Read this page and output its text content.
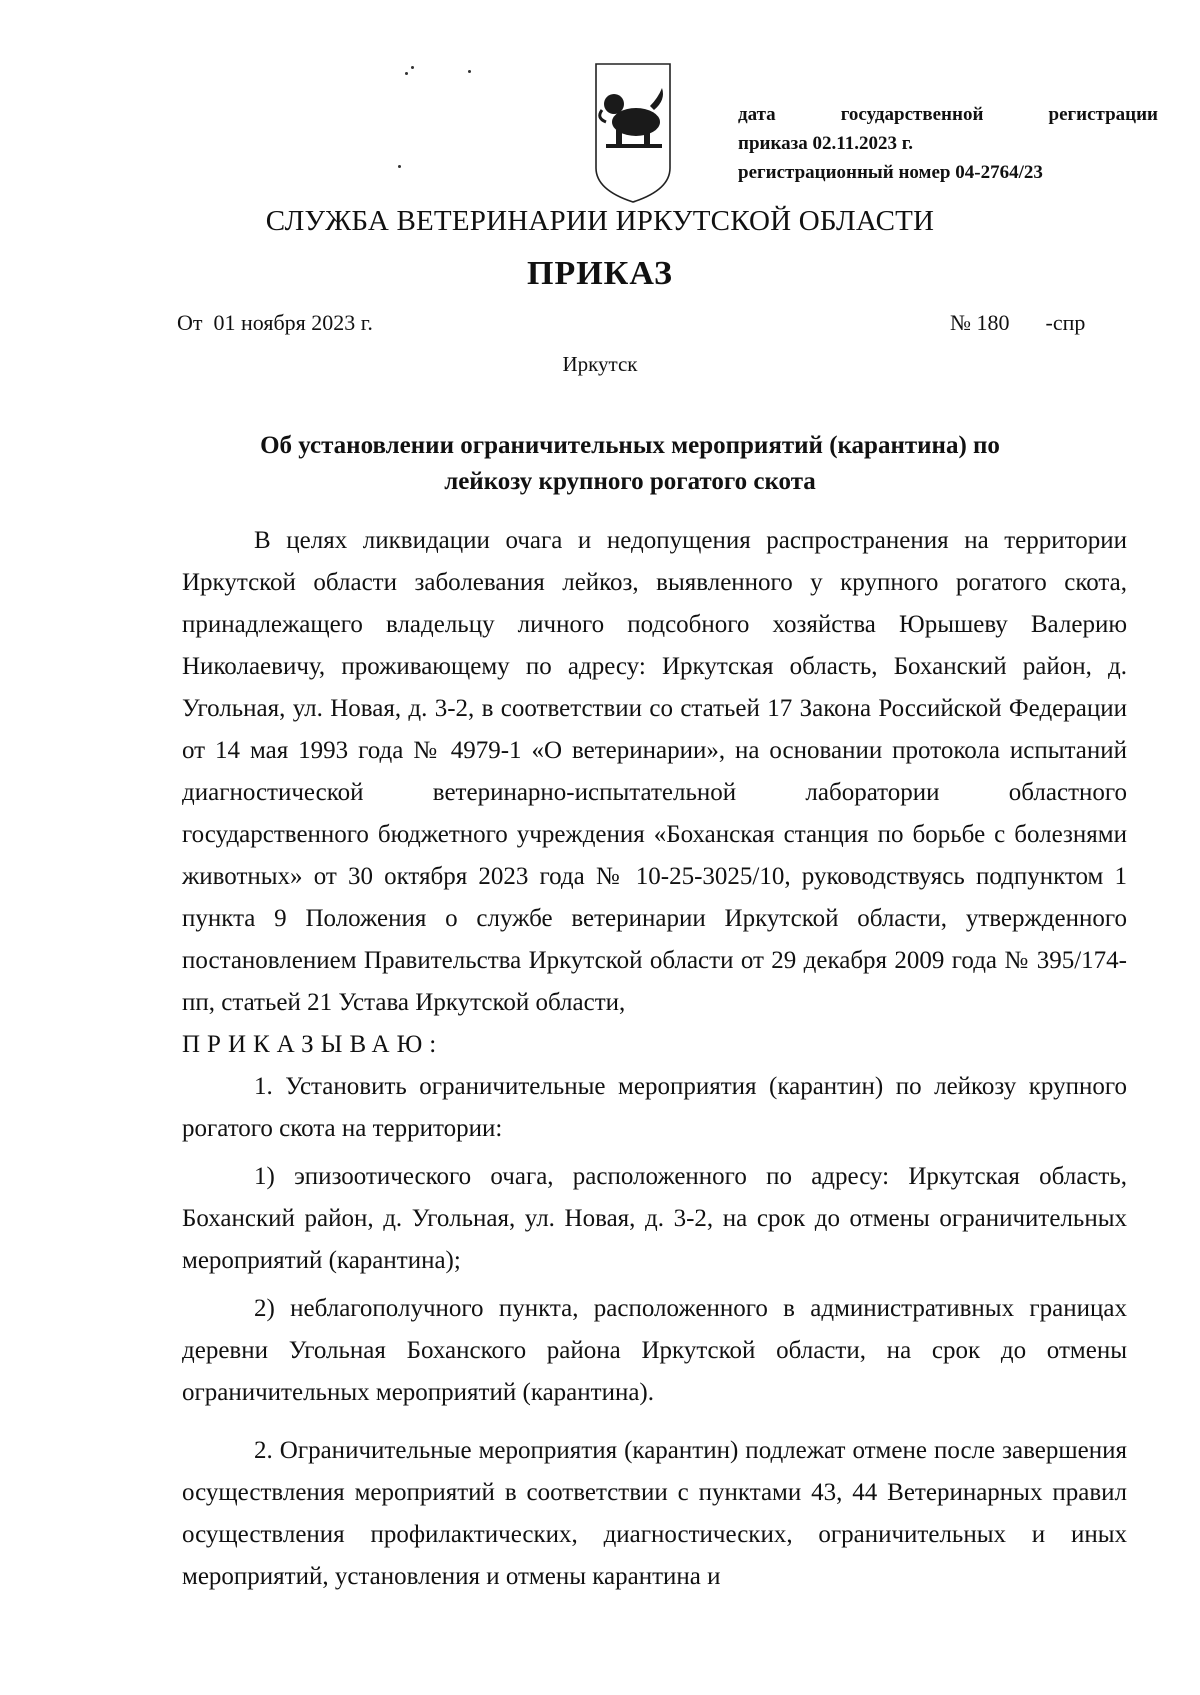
дата	государственной	регистрации
приказа 02.11.2023 г.
регистрационный номер 04-2764/23
СЛУЖБА ВЕТЕРИНАРИИ ИРКУТСКОЙ ОБЛАСТИ
ПРИКАЗ
От  01 ноября 2023 г.	№ 180 -спр
Иркутск
Об установлении ограничительных мероприятий (карантина) по
лейкозу крупного рогатого скота

В целях ликвидации очага и недопущения распространения на территории Иркутской области заболевания лейкоз, выявленного у крупного рогатого скота, принадлежащего владельцу личного подсобного хозяйства Юрышеву Валерию Николаевичу, проживающему по адресу: Иркутская область, Боханский район, д. Угольная, ул. Новая, д. 3-2, в соответствии со статьей 17 Закона Российской Федерации от 14 мая 1993 года № 4979-1 «О ветеринарии», на основании протокола испытаний диагностической ветеринарно-испытательной лаборатории областного государственного бюджетного учреждения «Боханская станция по борьбе с болезнями животных» от 30 октября 2023 года № 10-25-3025/10, руководствуясь подпунктом 1 пункта 9 Положения о службе ветеринарии Иркутской области, утвержденного постановлением Правительства Иркутской области от 29 декабря 2009 года № 395/174-пп, статьей 21 Устава Иркутской области,

ПРИКАЗЫВАЮ:

1. Установить ограничительные мероприятия (карантин) по лейкозу крупного рогатого скота на территории:

1) эпизоотического очага, расположенного по адресу: Иркутская область, Боханский район, д. Угольная, ул. Новая, д. 3-2, на срок до отмены ограничительных мероприятий (карантина);

2) неблагополучного пункта, расположенного в административных границах деревни Угольная Боханского района Иркутской области, на срок до отмены ограничительных мероприятий (карантина).

2. Ограничительные мероприятия (карантин) подлежат отмене после завершения осуществления мероприятий в соответствии с пунктами 43, 44 Ветеринарных правил осуществления профилактических, диагностических, ограничительных и иных мероприятий, установления и отмены карантина и
